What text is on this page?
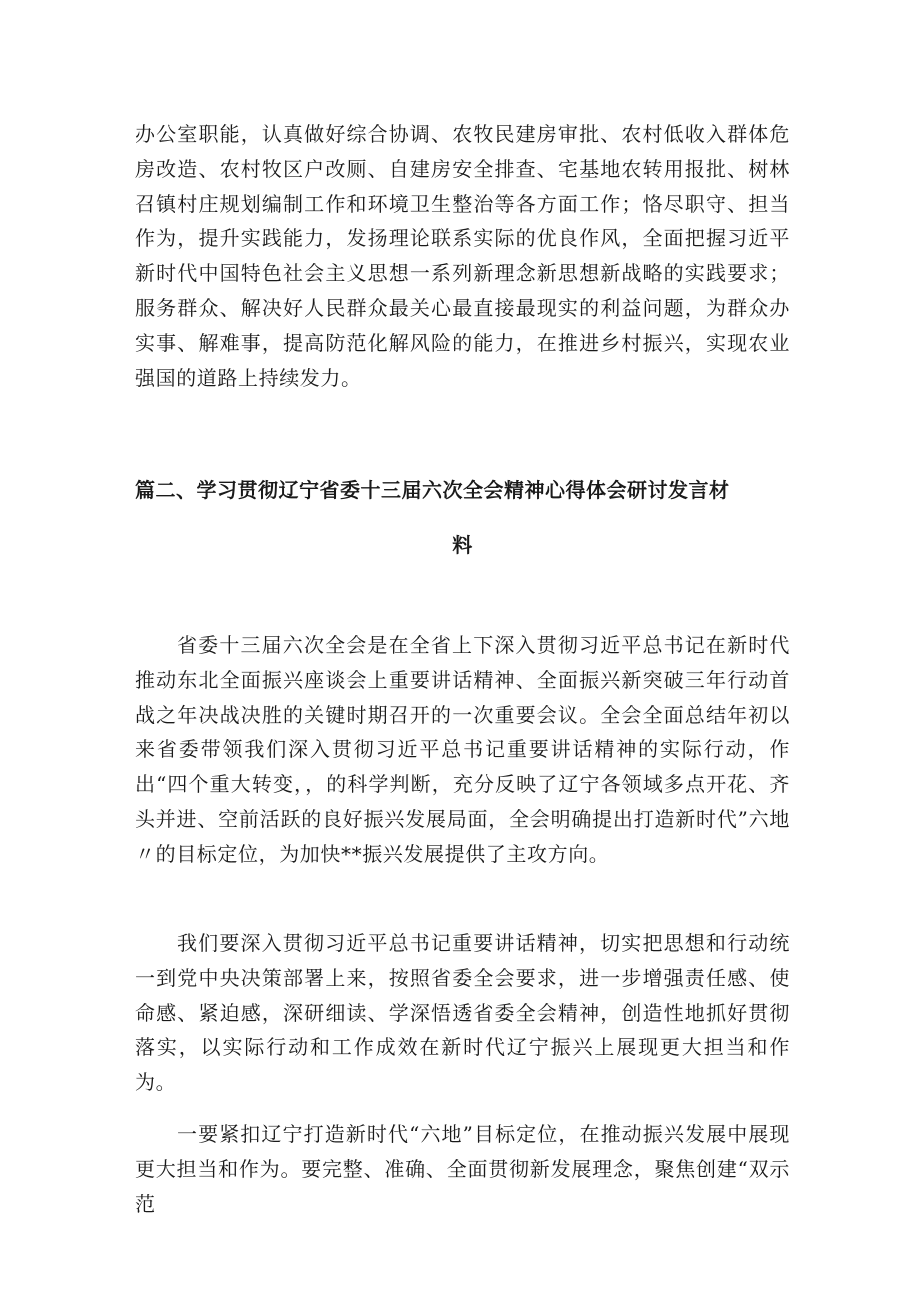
办公室职能，认真做好综合协调、农牧民建房审批、农村低收入群体危房改造、农村牧区户改厕、自建房安全排查、宅基地农转用报批、树林召镇村庄规划编制工作和环境卫生整治等各方面工作；恪尽职守、担当作为，提升实践能力，发扬理论联系实际的优良作风，全面把握习近平新时代中国特色社会主义思想一系列新理念新思想新战略的实践要求；服务群众、解决好人民群众最关心最直接最现实的利益问题，为群众办实事、解难事，提高防范化解风险的能力，在推进乡村振兴，实现农业强国的道路上持续发力。

篇二、学习贯彻辽宁省委十三届六次全会精神心得体会研讨发言材
料

省委十三届六次全会是在全省上下深入贯彻习近平总书记在新时代推动东北全面振兴座谈会上重要讲话精神、全面振兴新突破三年行动首战之年决战决胜的关键时期召开的一次重要会议。全会全面总结年初以来省委带领我们深入贯彻习近平总书记重要讲话精神的实际行动，作出“四个重大转变，，的科学判断，充分反映了辽宁各领域多点开花、齐头并进、空前活跃的良好振兴发展局面，全会明确提出打造新时代”六地〃的目标定位，为加快**振兴发展提供了主攻方向。

我们要深入贯彻习近平总书记重要讲话精神，切实把思想和行动统一到党中央决策部署上来，按照省委全会要求，进一步增强责任感、使命感、紧迫感，深研细读、学深悟透省委全会精神，创造性地抓好贯彻落实，以实际行动和工作成效在新时代辽宁振兴上展现更大担当和作为。

一要紧扣辽宁打造新时代“六地”目标定位，在推动振兴发展中展现更大担当和作为。要完整、准确、全面贯彻新发展理念，聚焦创建“双示范
